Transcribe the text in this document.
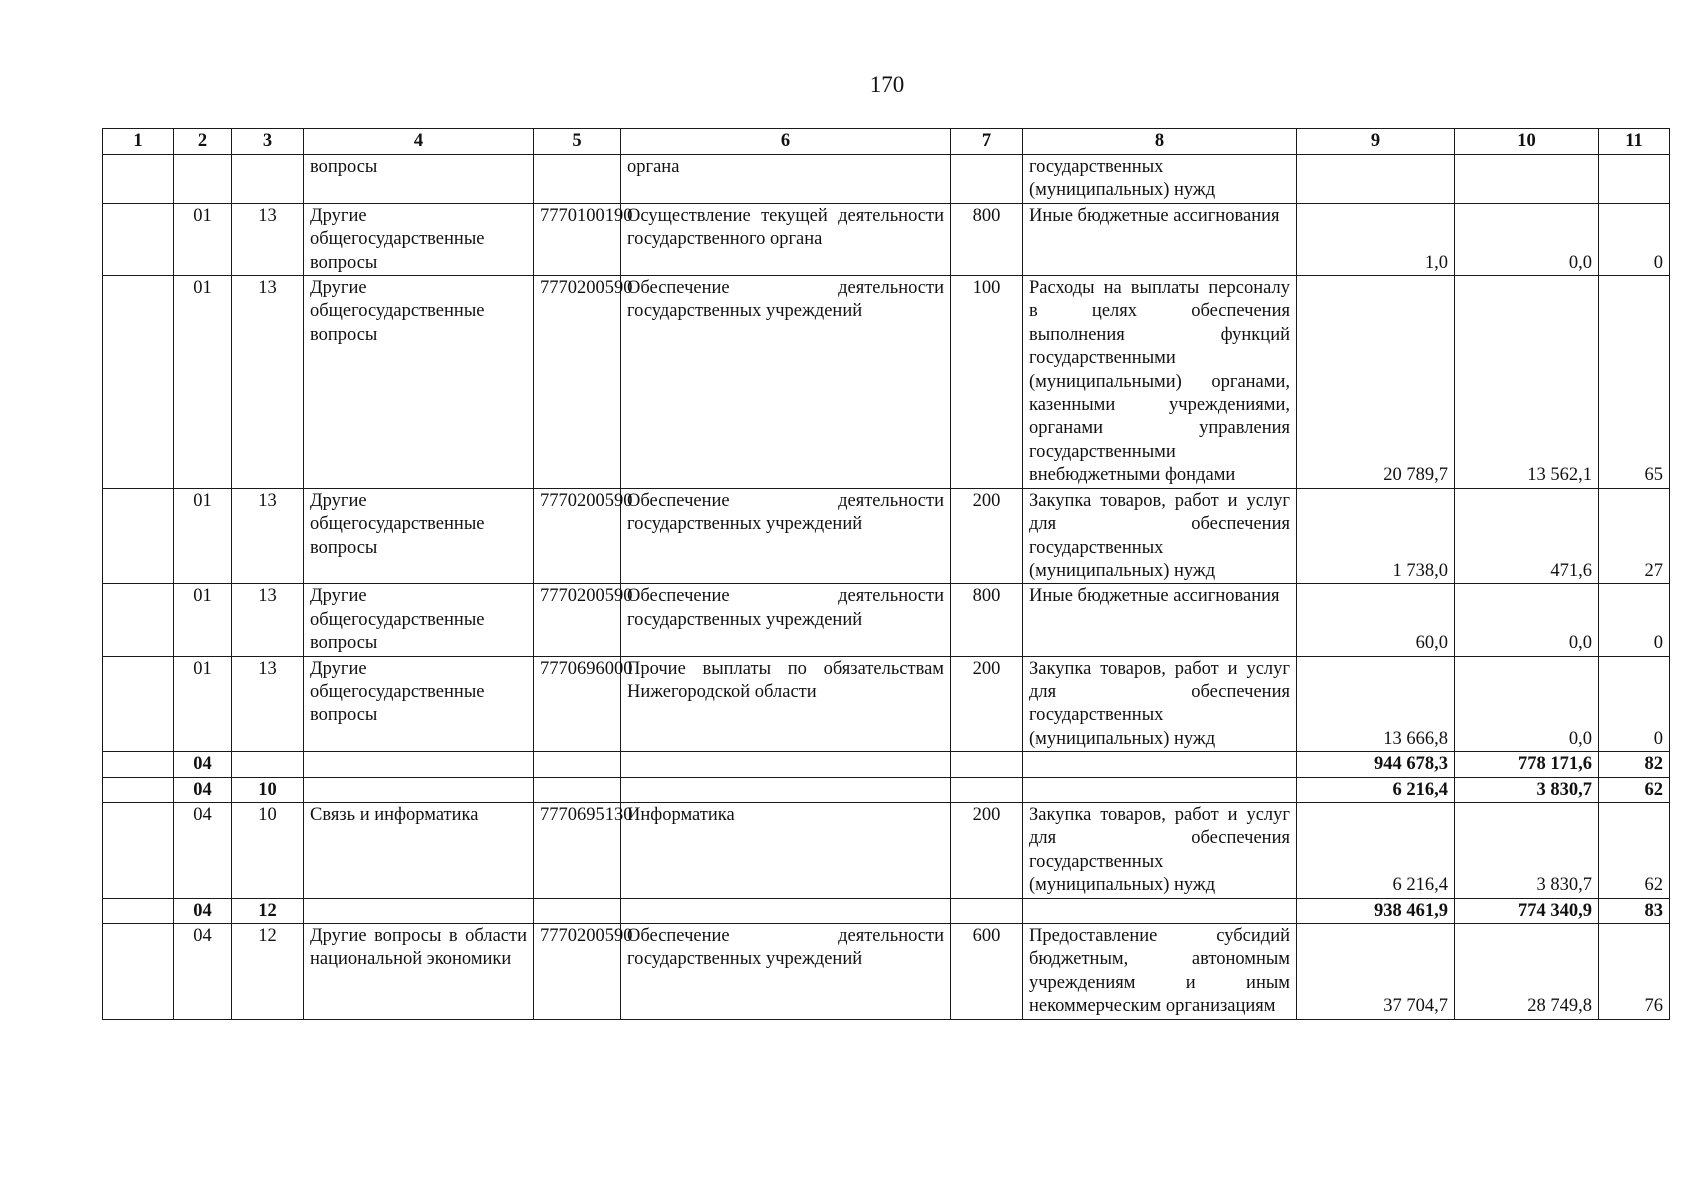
170
1	2	3	4	5	6	7	8	9	10	11

			вопросы		органа		государственных (муниципальных) нужд			

	01	13	Другие общегосударственные вопросы	7770100190	Осуществление текущей деятельности государственного органа	800	Иные бюджетные ассигнования	1,0	0,0	0

	01	13	Другие общегосударственные вопросы	7770200590	Обеспечение деятельности государственных учреждений	100	Расходы на выплаты персоналу в целях обеспечения выполнения функций государственными (муниципальными) органами, казенными учреждениями, органами управления государственными внебюджетными фондами	20 789,7	13 562,1	65

	01	13	Другие общегосударственные вопросы	7770200590	Обеспечение деятельности государственных учреждений	200	Закупка товаров, работ и услуг для обеспечения государственных (муниципальных) нужд	1 738,0	471,6	27

	01	13	Другие общегосударственные вопросы	7770200590	Обеспечение деятельности государственных учреждений	800	Иные бюджетные ассигнования	60,0	0,0	0

	01	13	Другие общегосударственные вопросы	7770696000	Прочие выплаты по обязательствам Нижегородской области	200	Закупка товаров, работ и услуг для обеспечения государственных (муниципальных) нужд	13 666,8	0,0	0

	04							944 678,3	778 171,6	82

	04	10						6 216,4	3 830,7	62

	04	10	Связь и информатика	7770695130	Информатика	200	Закупка товаров, работ и услуг для обеспечения государственных (муниципальных) нужд	6 216,4	3 830,7	62

	04	12						938 461,9	774 340,9	83

	04	12	Другие вопросы в области национальной экономики	7770200590	Обеспечение деятельности государственных учреждений	600	Предоставление субсидий бюджетным, автономным учреждениям и иным некоммерческим организациям	37 704,7	28 749,8	76
